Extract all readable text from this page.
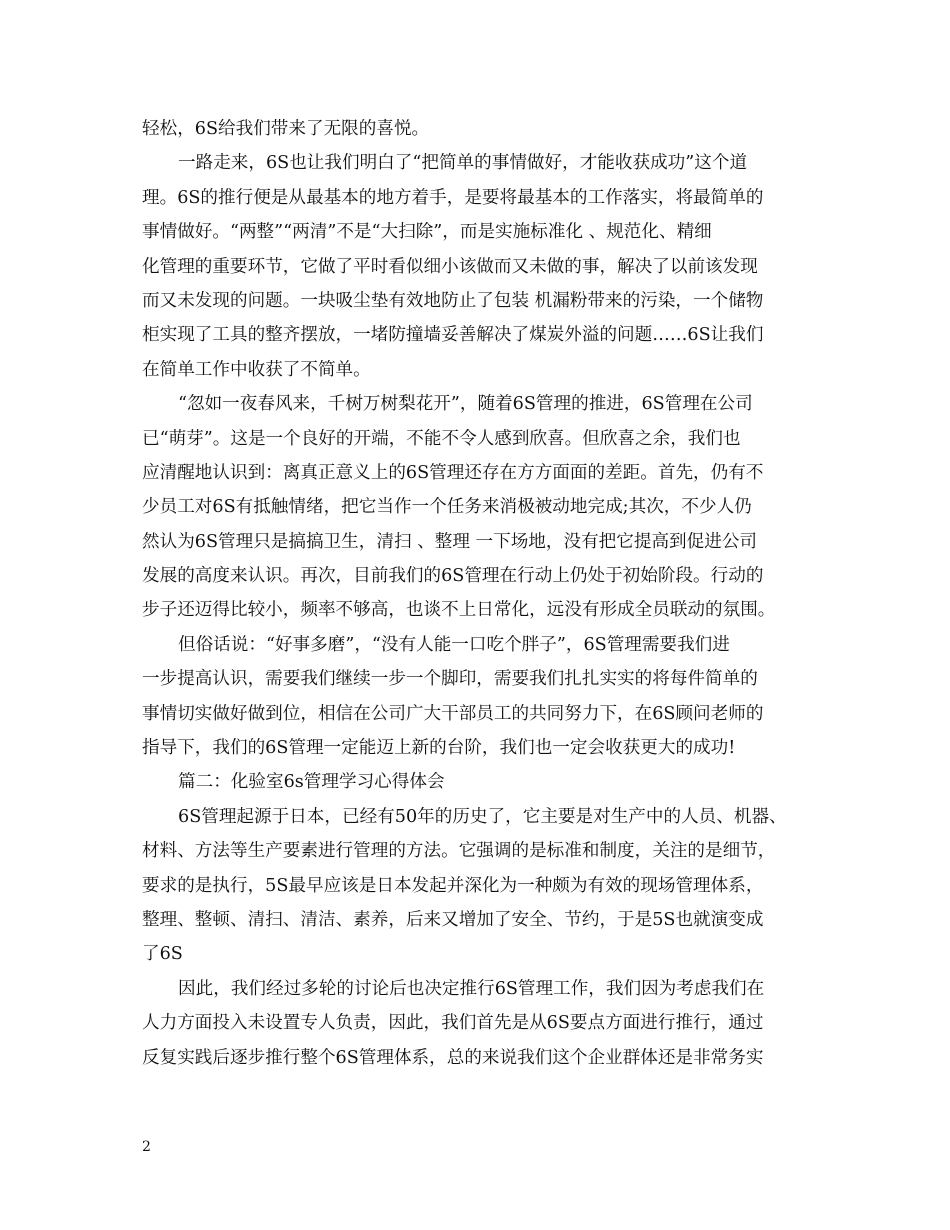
轻松，6S给我们带来了无限的喜悦。
一路走来，6S也让我们明白了“把简单的事情做好，才能收获成功”这个道
理。6S的推行便是从最基本的地方着手，是要将最基本的工作落实，将最简单的
事情做好。“两整”“两清”不是“大扫除”，而是实施标准化 、规范化、精细
化管理的重要环节，它做了平时看似细小该做而又未做的事，解决了以前该发现
而又未发现的问题。一块吸尘垫有效地防止了包装 机漏粉带来的污染，一个储物
柜实现了工具的整齐摆放，一堵防撞墙妥善解决了煤炭外溢的问题……6S让我们
在简单工作中收获了不简单。
“忽如一夜春风来，千树万树梨花开”，随着6S管理的推进，6S管理在公司
已“萌芽”。这是一个良好的开端，不能不令人感到欣喜。但欣喜之余，我们也
应清醒地认识到：离真正意义上的6S管理还存在方方面面的差距。首先，仍有不
少员工对6S有抵触情绪，把它当作一个任务来消极被动地完成;其次，不少人仍
然认为6S管理只是搞搞卫生，清扫 、整理 一下场地，没有把它提高到促进公司
发展的高度来认识。再次，目前我们的6S管理在行动上仍处于初始阶段。行动的
步子还迈得比较小，频率不够高，也谈不上日常化，远没有形成全员联动的氛围。
但俗话说：“好事多磨”，“没有人能一口吃个胖子”，6S管理需要我们进
一步提高认识，需要我们继续一步一个脚印，需要我们扎扎实实的将每件简单的
事情切实做好做到位，相信在公司广大干部员工的共同努力下，在6S顾问老师的
指导下，我们的6S管理一定能迈上新的台阶，我们也一定会收获更大的成功!
篇二：化验室6s管理学习心得体会
6S管理起源于日本，已经有50年的历史了，它主要是对生产中的人员、机器、
材料、方法等生产要素进行管理的方法。它强调的是标准和制度，关注的是细节，
要求的是执行，5S最早应该是日本发起并深化为一种颇为有效的现场管理体系，
整理、整顿、清扫、清洁、素养，后来又增加了安全、节约，于是5S也就演变成
了6S
因此，我们经过多轮的讨论后也决定推行6S管理工作，我们因为考虑我们在
人力方面投入未设置专人负责，因此，我们首先是从6S要点方面进行推行，通过
反复实践后逐步推行整个6S管理体系，总的来说我们这个企业群体还是非常务实
2
